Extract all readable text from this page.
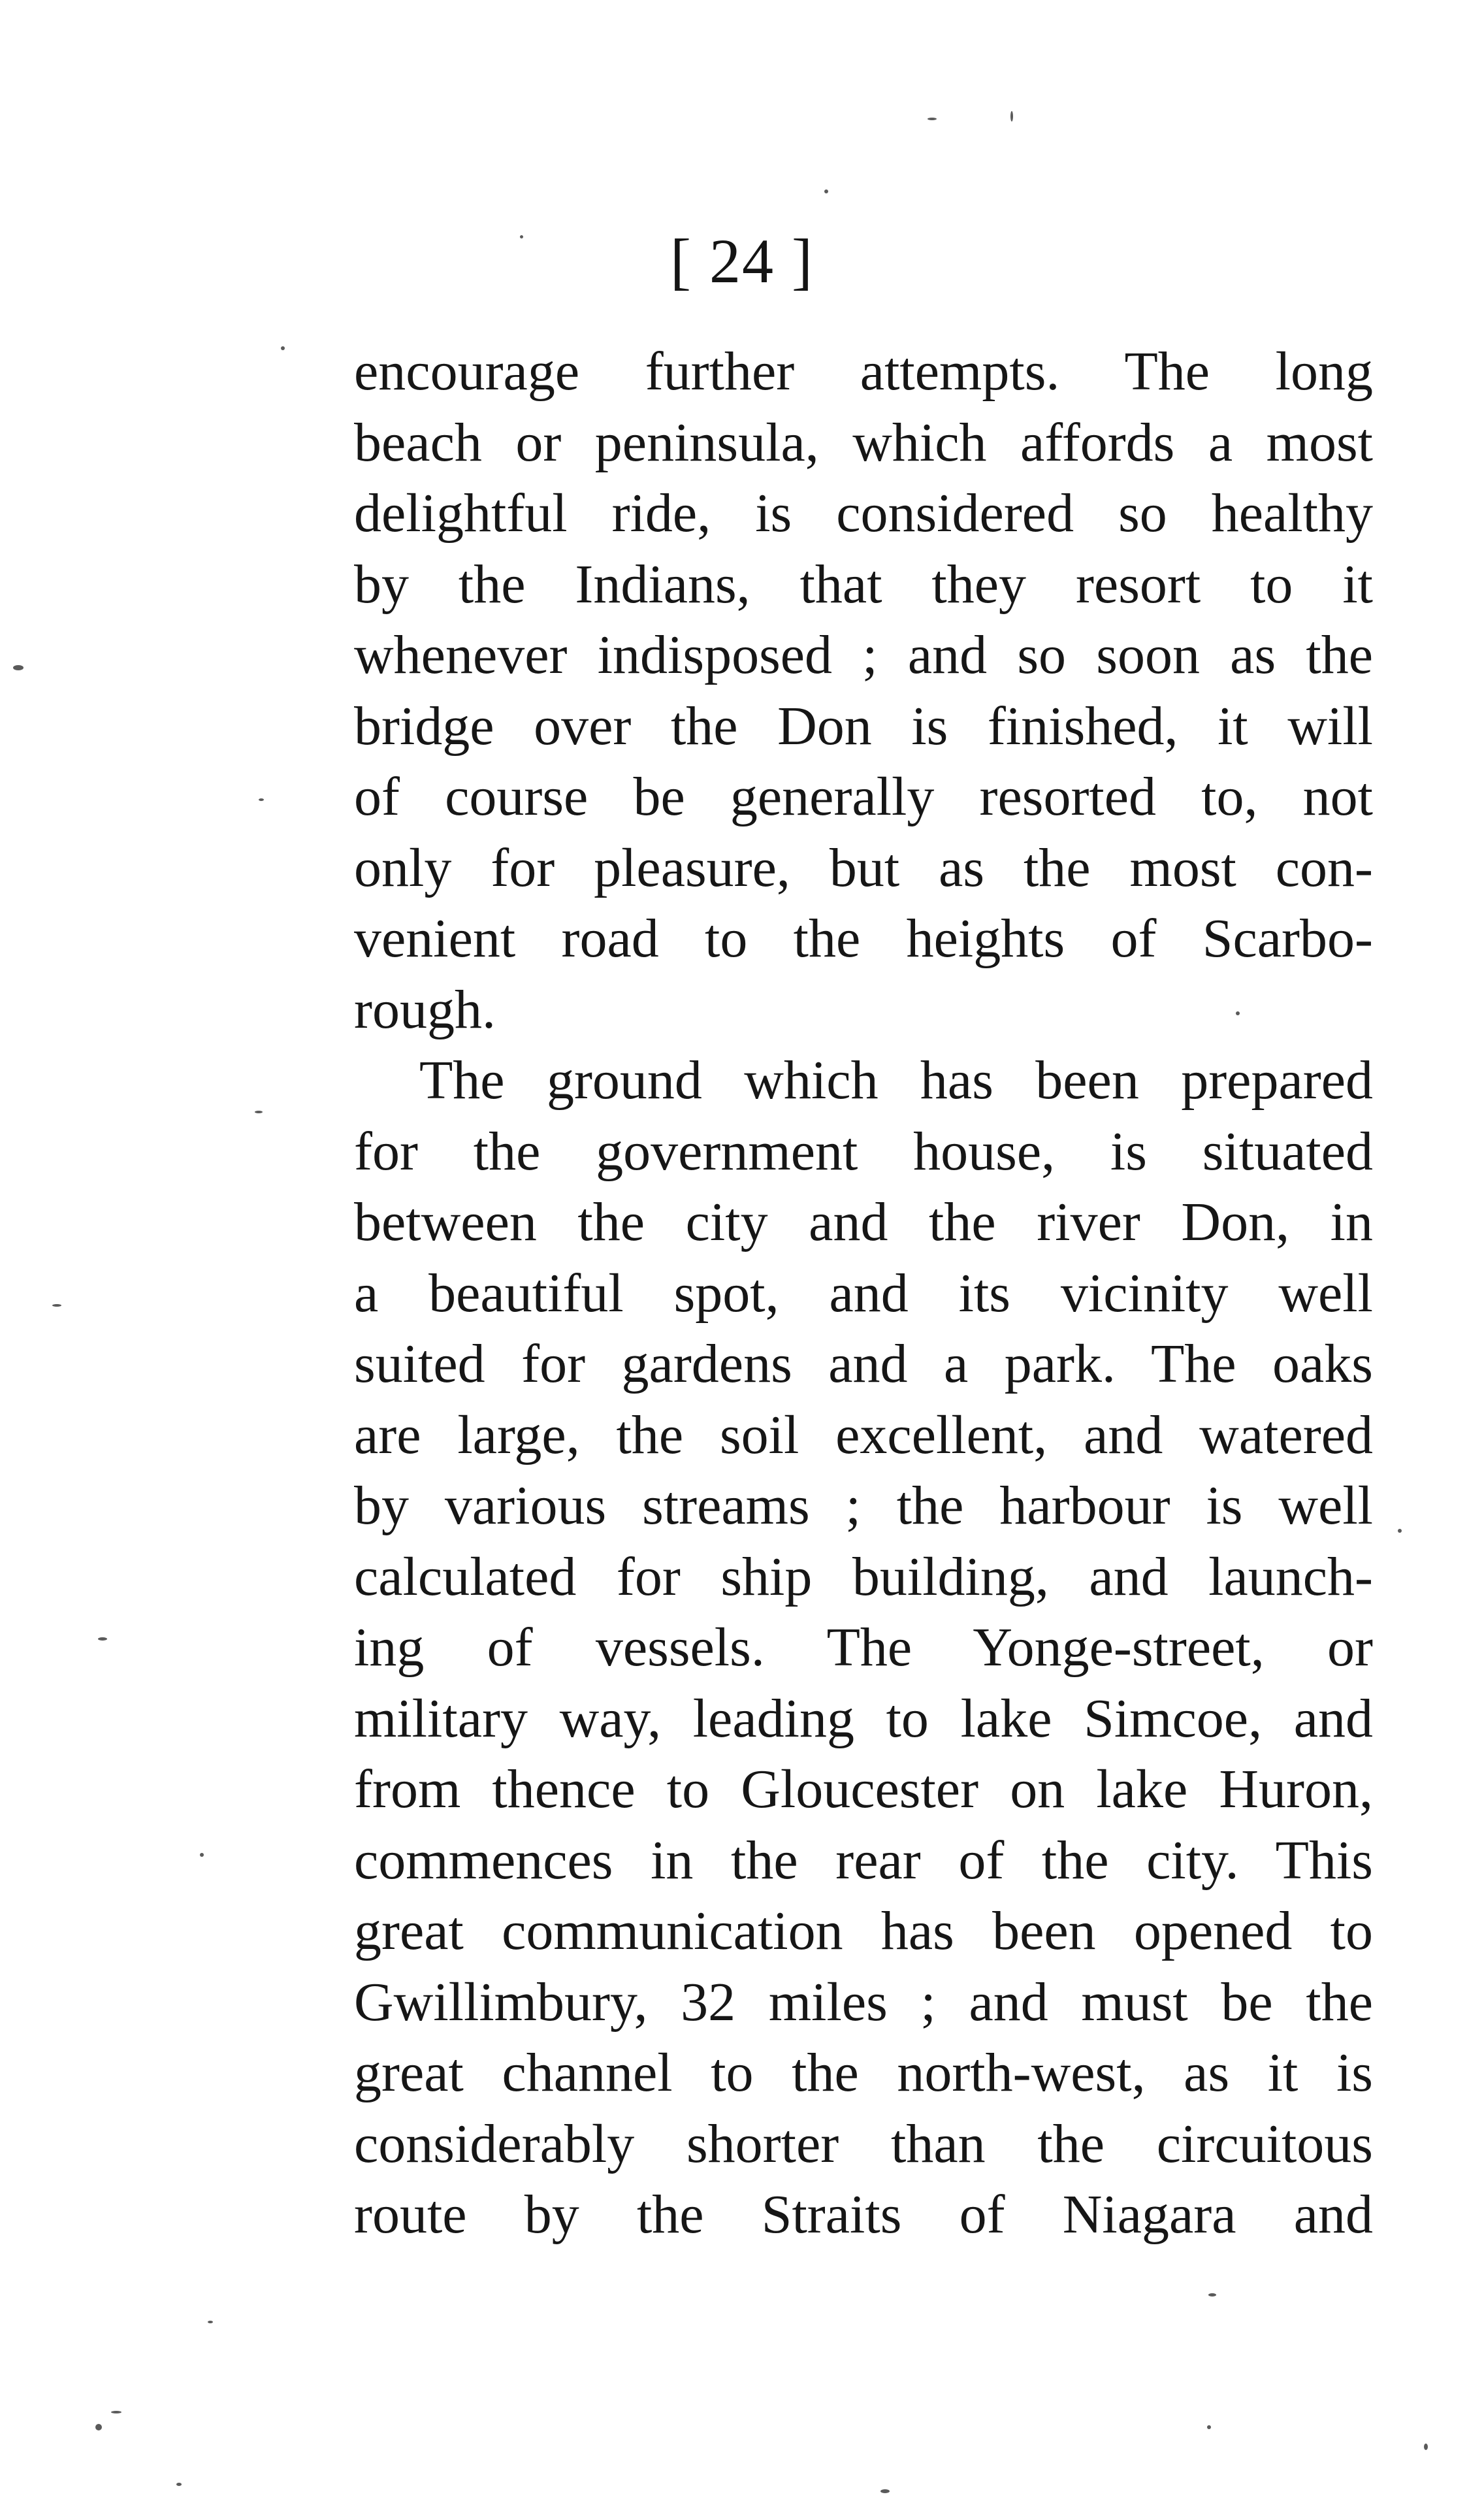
[ 24 ]
encourage further attempts. The long
beach or peninsula, which affords a most
delightful ride, is considered so healthy
by the Indians, that they resort to it
whenever indisposed ; and so soon as the
bridge over the Don is finished, it will
of course be generally resorted to, not
only for pleasure, but as the most con-
venient road to the heights of Scarbo-
rough.
The ground which has been prepared
for the government house, is situated
between the city and the river Don, in
a beautiful spot, and its vicinity well
suited for gardens and a park. The oaks
are large, the soil excellent, and watered
by various streams ; the harbour is well
calculated for ship building, and launch-
ing of vessels. The Yonge-street, or
military way, leading to lake Simcoe, and
from thence to Gloucester on lake Huron,
commences in the rear of the city. This
great communication has been opened to
Gwillimbury, 32 miles ; and must be the
great channel to the north-west, as it is
considerably shorter than the circuitous
route by the Straits of Niagara and
